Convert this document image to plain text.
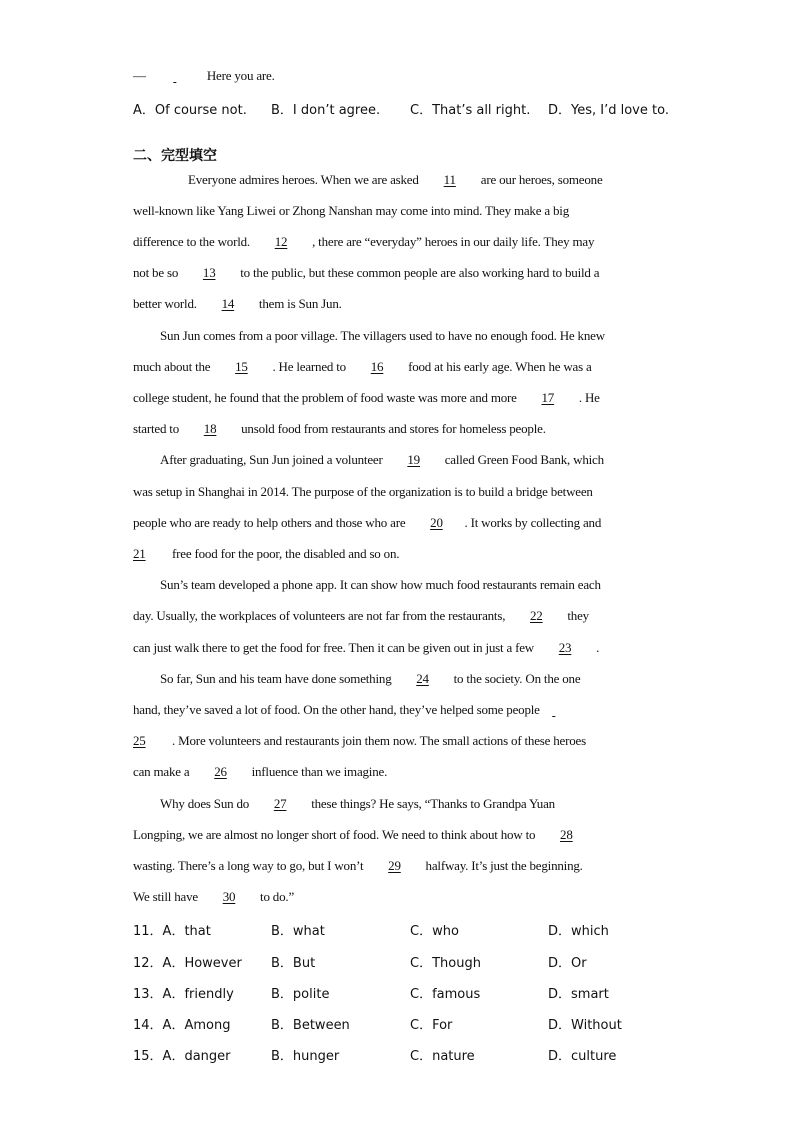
—	Here you are.
A．Of course not. B．I don’t agree. C．That’s all right. D．Yes, I’d love to.
二、完型填空
Everyone admires heroes. When we are asked 11 are our heroes, someone
well-known like Yang Liwei or Zhong Nanshan may come into mind. They make a big
difference to the world. 12 , there are “everyday” heroes in our daily life. They may
not be so 13 to the public, but these common people are also working hard to build a
better world. 14 them is Sun Jun.
Sun Jun comes from a poor village. The villagers used to have no enough food. He knew
much about the 15 . He learned to 16 food at his early age. When he was a
college student, he found that the problem of food waste was more and more 17 . He
started to 18 unsold food from restaurants and stores for homeless people.
After graduating, Sun Jun joined a volunteer 19 called Green Food Bank, which
was setup in Shanghai in 2014. The purpose of the organization is to build a bridge between
people who are ready to help others and those who are 20 . It works by collecting and
21 free food for the poor, the disabled and so on.
Sun’s team developed a phone app. It can show how much food restaurants remain each
day. Usually, the workplaces of volunteers are not far from the restaurants, 22 they
can just walk there to get the food for free. Then it can be given out in just a few 23 .
So far, Sun and his team have done something 24 to the society. On the one
hand, they’ve saved a lot of food. On the other hand, they’ve helped some people
25 . More volunteers and restaurants join them now. The small actions of these heroes
can make a 26 influence than we imagine.
Why does Sun do 27 these things? He says, “Thanks to Grandpa Yuan
Longping, we are almost no longer short of food. We need to think about how to 28
wasting. There’s a long way to go, but I won’t 29 halfway. It’s just the beginning.
We still have 30 to do.”
11．A．that	B．what	C．who	D．which
12．A．However B．But	C．Though	D．Or
13．A．friendly	B．polite	C．famous	D．smart
14．A．Among	B．Between	C．For	D．Without
15．A．danger	B．hunger	C．nature	D．culture
